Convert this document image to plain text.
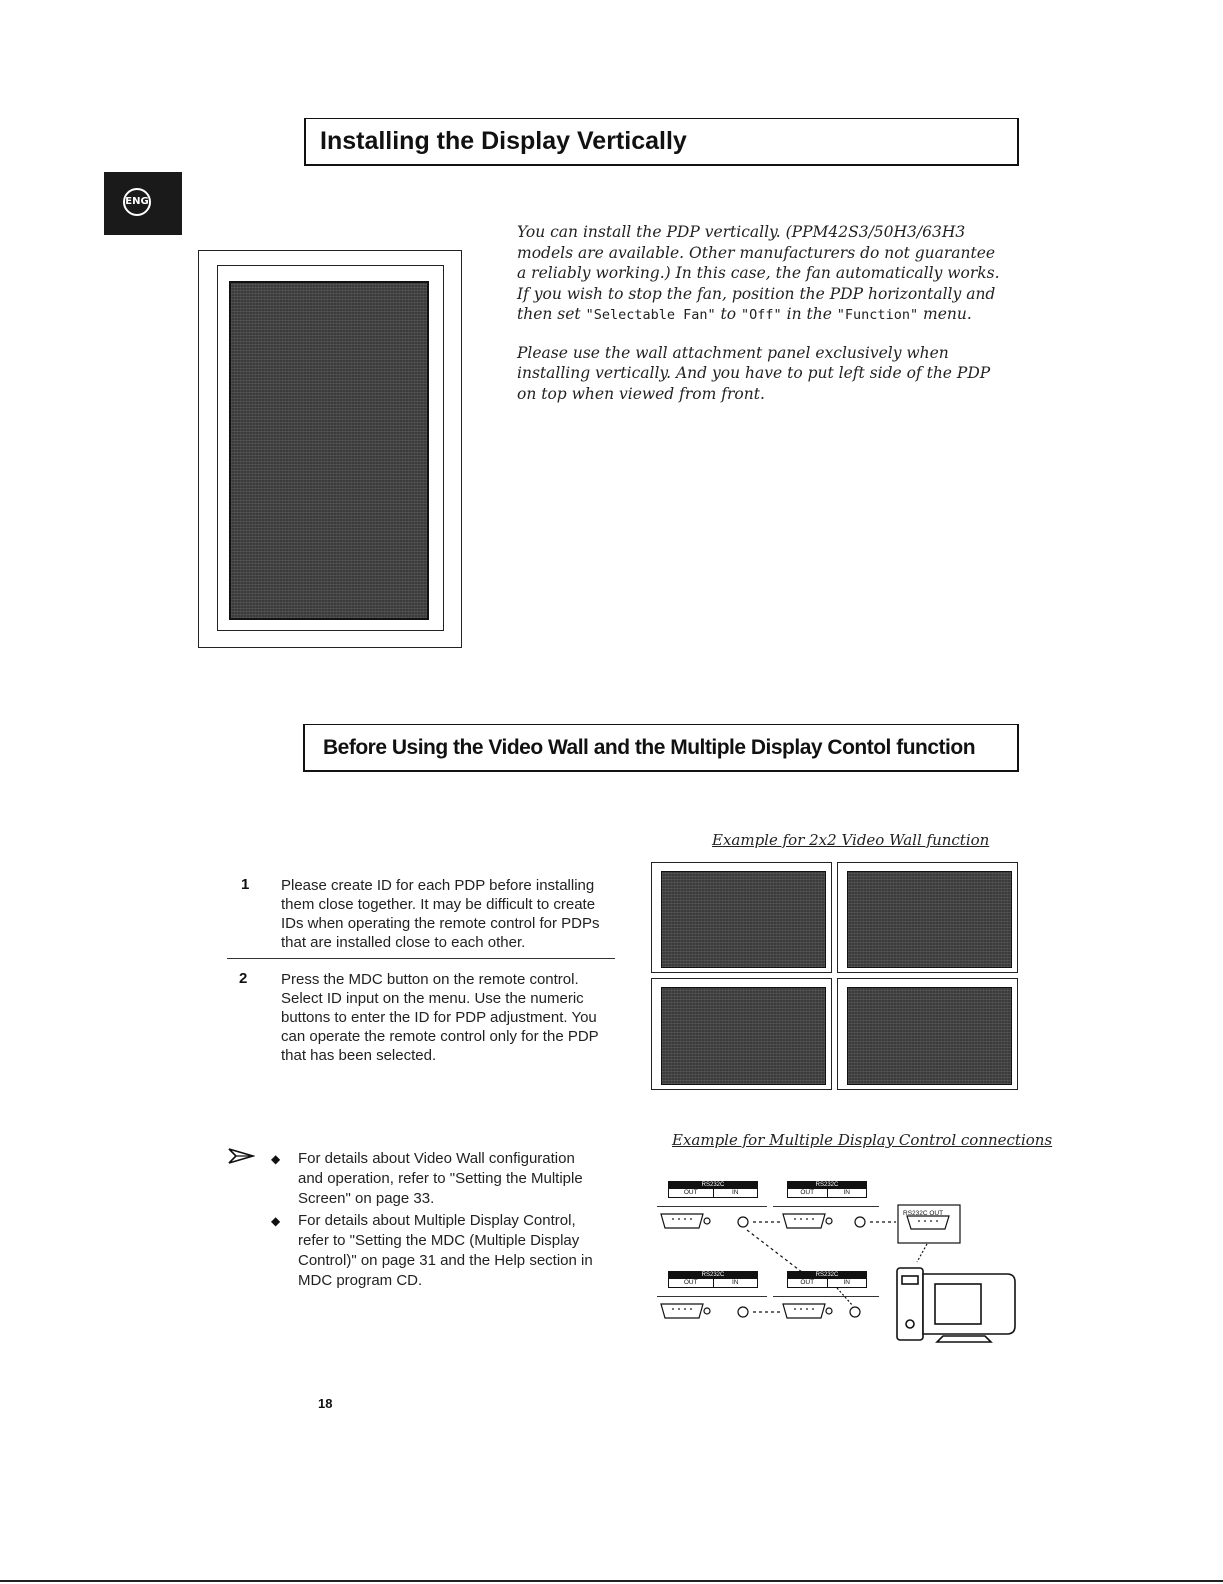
ENG
Installing the Display Vertically

You can install the PDP vertically. (PPM42S3/50H3/63H3 models are available. Other manufacturers do not guarantee a reliably working.) In this case, the fan automatically works. If you wish to stop the fan, position the PDP horizontally and then set "Selectable Fan" to "Off" in the "Function" menu.

Please use the wall attachment panel exclusively when installing vertically. And you have to put left side of the PDP on top when viewed from front.

Before Using the Video Wall and the Multiple Display Contol function
1 Please create ID for each PDP before installing them close together. It may be difficult to create IDs when operating the remote control for PDPs that are installed close to each other.
2 Press the MDC button on the remote control. Select ID input on the menu. Use the numeric buttons to enter the ID for PDP adjustment. You can operate the remote control only for the PDP that has been selected.
Example for 2x2 Video Wall function
Example for Multiple Display Control connections
◆ For details about Video Wall configuration and operation, refer to "Setting the Multiple Screen" on page 33.
◆ For details about Multiple Display Control, refer to "Setting the MDC (Multiple Display Control)" on page 31 and the Help section in MDC program CD.
RS232C
OUT	IN
RS232C
OUT	IN
RS232C
OUT	IN
RS232C
OUT	IN
RS232C OUT
18
